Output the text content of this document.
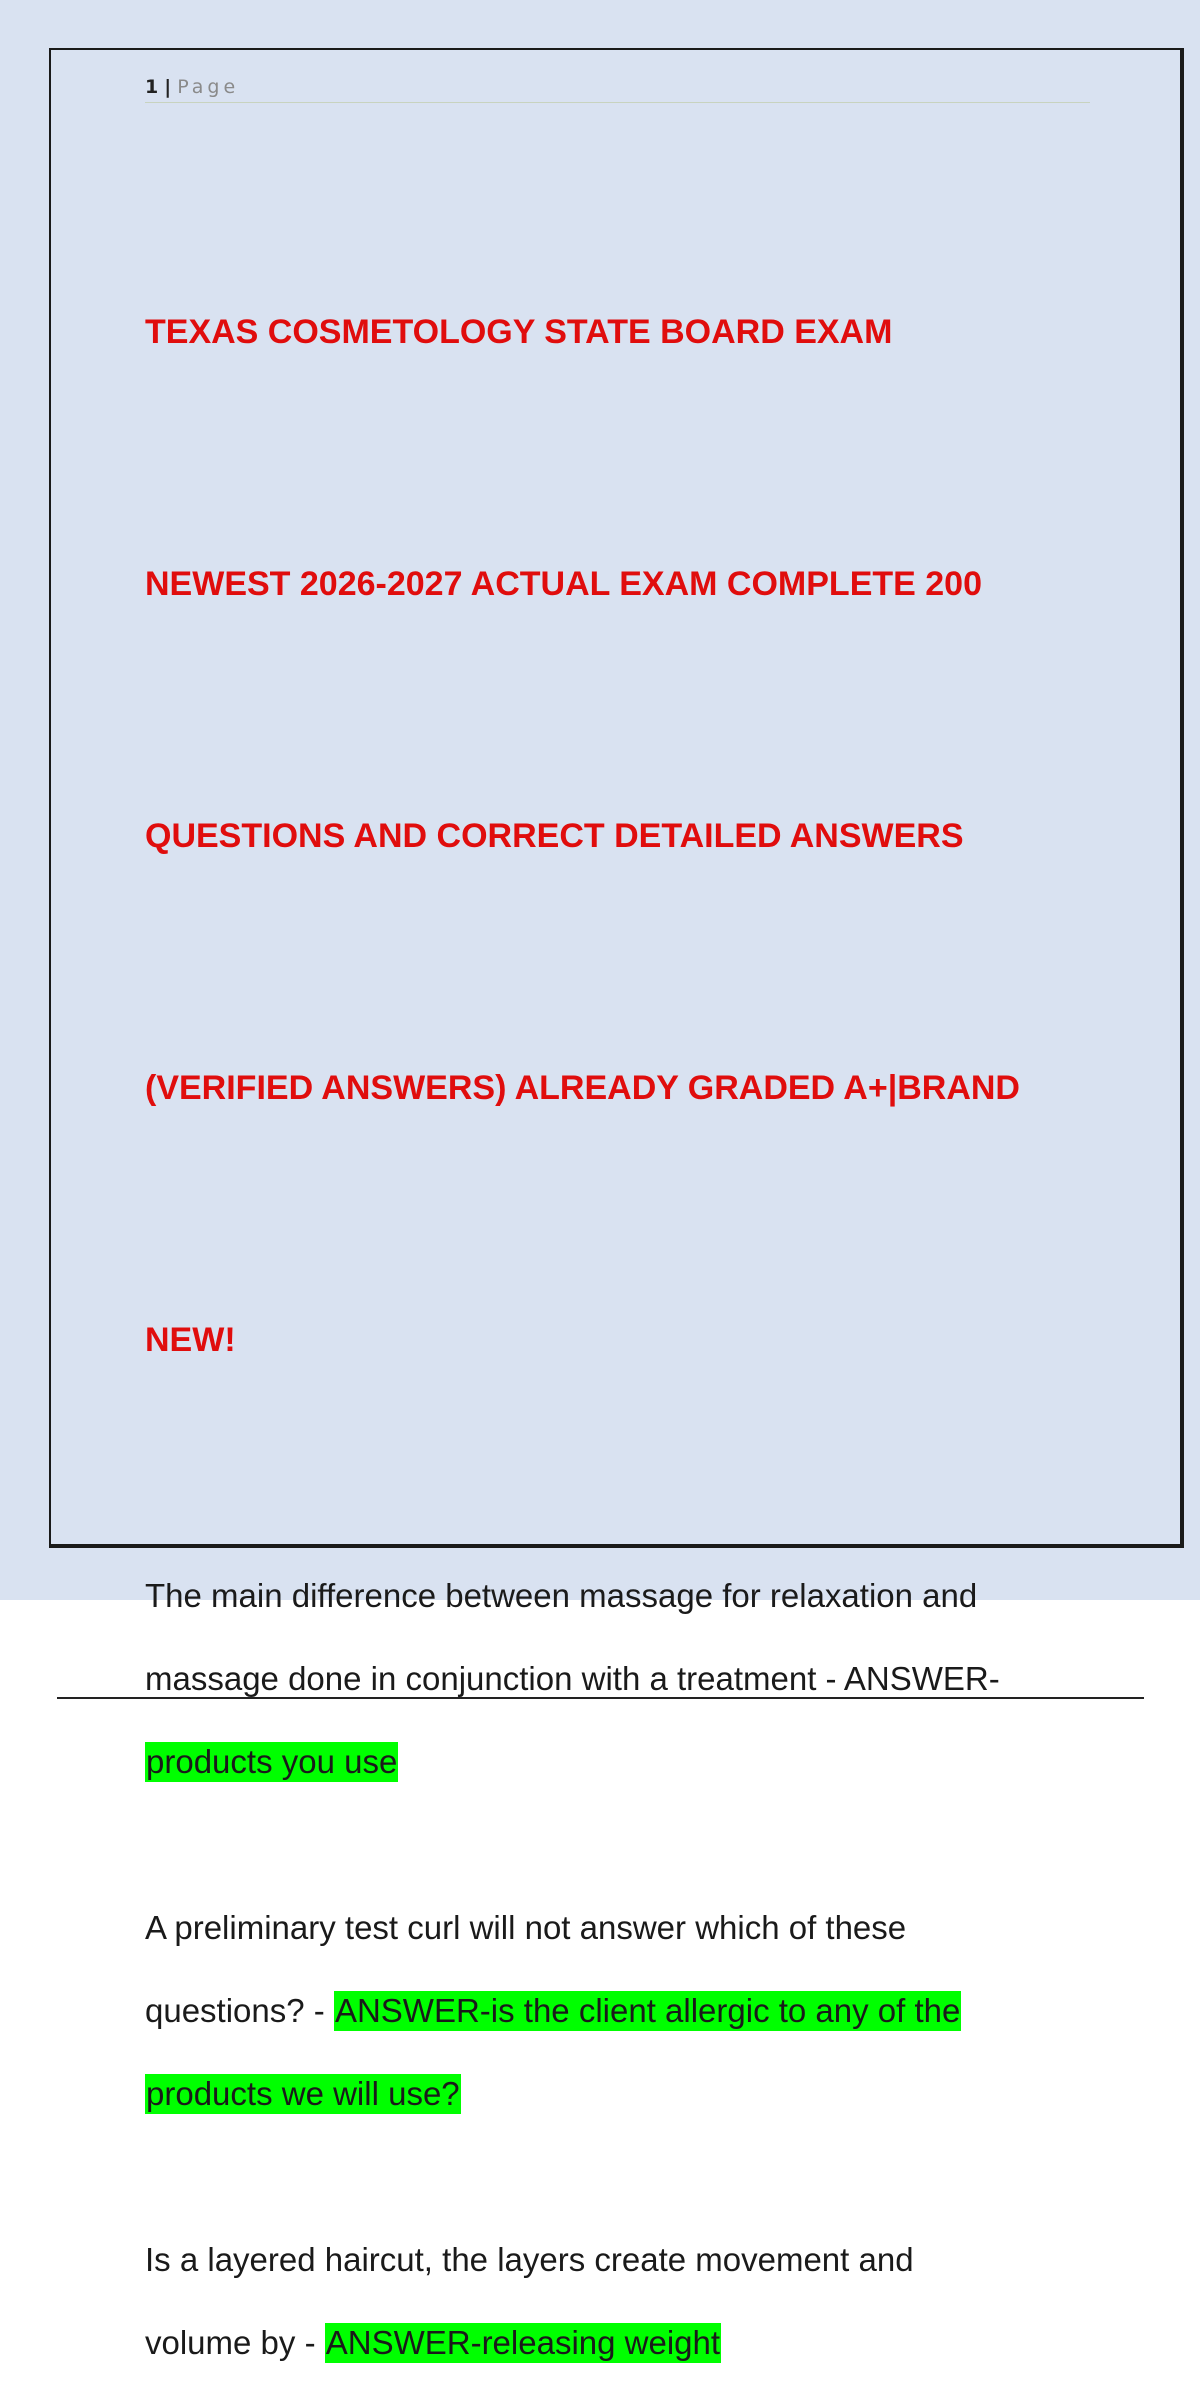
1 | Page

TEXAS COSMETOLOGY STATE BOARD EXAM

NEWEST 2026-2027 ACTUAL EXAM COMPLETE 200

QUESTIONS AND CORRECT DETAILED ANSWERS

(VERIFIED ANSWERS) ALREADY GRADED A+|BRAND

NEW!

The main difference between massage for relaxation and
massage done in conjunction with a treatment - ANSWER-
products you use
A preliminary test curl will not answer which of these
questions? - ANSWER-is the client allergic to any of the
products we will use?
Is a layered haircut, the layers create movement and
volume by - ANSWER-releasing weight
